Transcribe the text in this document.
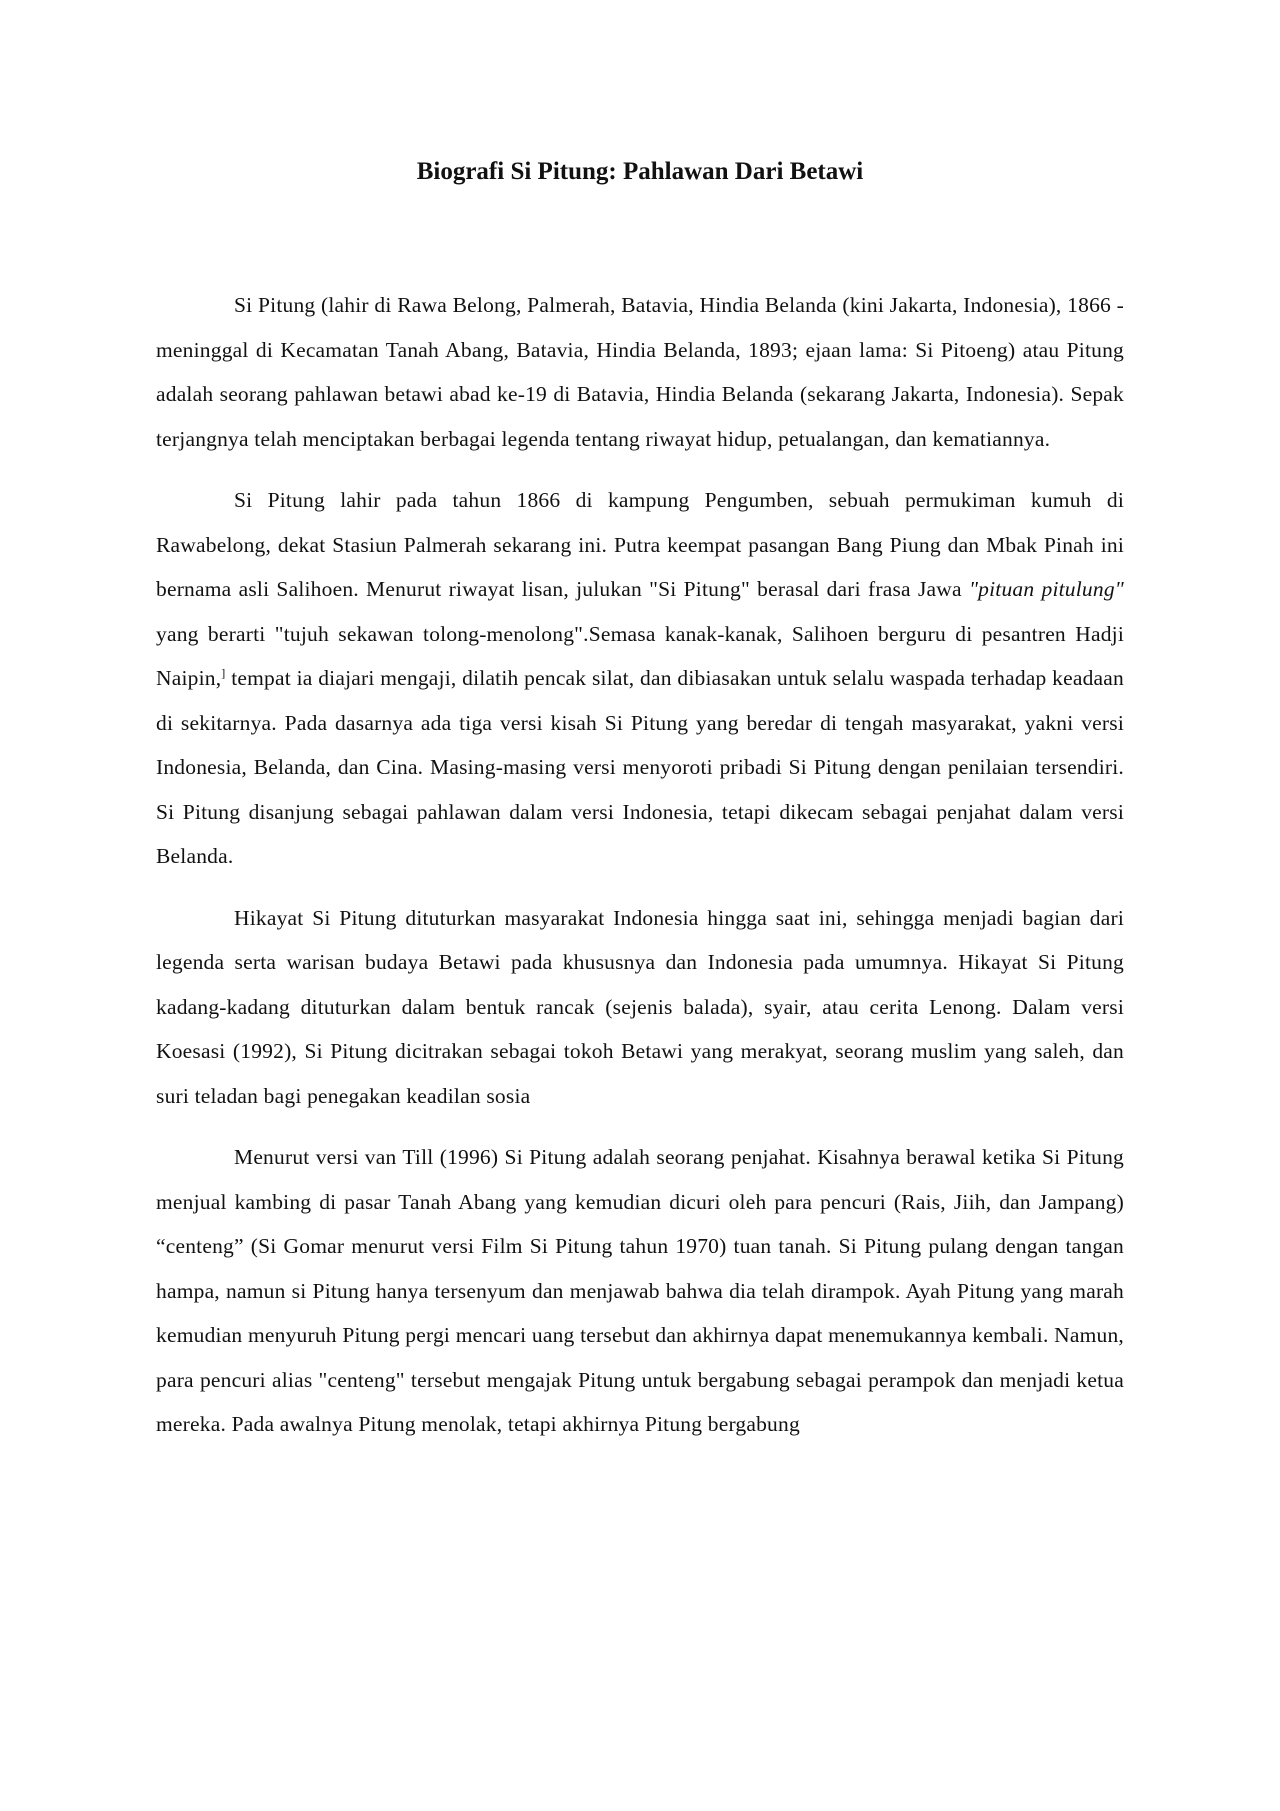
Biografi Si Pitung: Pahlawan Dari Betawi

Si Pitung (lahir di Rawa Belong, Palmerah, Batavia, Hindia Belanda (kini Jakarta, Indonesia), 1866 - meninggal di Kecamatan Tanah Abang, Batavia, Hindia Belanda, 1893; ejaan lama: Si Pitoeng) atau Pitung adalah seorang pahlawan betawi abad ke-19 di Batavia, Hindia Belanda (sekarang Jakarta, Indonesia). Sepak terjangnya telah menciptakan berbagai legenda tentang riwayat hidup, petualangan, dan kematiannya.

Si Pitung lahir pada tahun 1866 di kampung Pengumben, sebuah permukiman kumuh di Rawabelong, dekat Stasiun Palmerah sekarang ini. Putra keempat pasangan Bang Piung dan Mbak Pinah ini bernama asli Salihoen. Menurut riwayat lisan, julukan "Si Pitung" berasal dari frasa Jawa "pituan pitulung" yang berarti "tujuh sekawan tolong-menolong".Semasa kanak-kanak, Salihoen berguru di pesantren Hadji Naipin,] tempat ia diajari mengaji, dilatih pencak silat, dan dibiasakan untuk selalu waspada terhadap keadaan di sekitarnya. Pada dasarnya ada tiga versi kisah Si Pitung yang beredar di tengah masyarakat, yakni versi Indonesia, Belanda, dan Cina. Masing-masing versi menyoroti pribadi Si Pitung dengan penilaian tersendiri. Si Pitung disanjung sebagai pahlawan dalam versi Indonesia, tetapi dikecam sebagai penjahat dalam versi Belanda.

Hikayat Si Pitung dituturkan masyarakat Indonesia hingga saat ini, sehingga menjadi bagian dari legenda serta warisan budaya Betawi pada khususnya dan Indonesia pada umumnya. Hikayat Si Pitung kadang-kadang dituturkan dalam bentuk rancak (sejenis balada), syair, atau cerita Lenong. Dalam versi Koesasi (1992), Si Pitung dicitrakan sebagai tokoh Betawi yang merakyat, seorang muslim yang saleh, dan suri teladan bagi penegakan keadilan sosia

Menurut versi van Till (1996) Si Pitung adalah seorang penjahat. Kisahnya berawal ketika Si Pitung menjual kambing di pasar Tanah Abang yang kemudian dicuri oleh para pencuri (Rais, Jiih, dan Jampang) “centeng” (Si Gomar menurut versi Film Si Pitung tahun 1970) tuan tanah. Si Pitung pulang dengan tangan hampa, namun si Pitung hanya tersenyum dan menjawab bahwa dia telah dirampok. Ayah Pitung yang marah kemudian menyuruh Pitung pergi mencari uang tersebut dan akhirnya dapat menemukannya kembali. Namun, para pencuri alias "centeng" tersebut mengajak Pitung untuk bergabung sebagai perampok dan menjadi ketua mereka. Pada awalnya Pitung menolak, tetapi akhirnya Pitung bergabung
